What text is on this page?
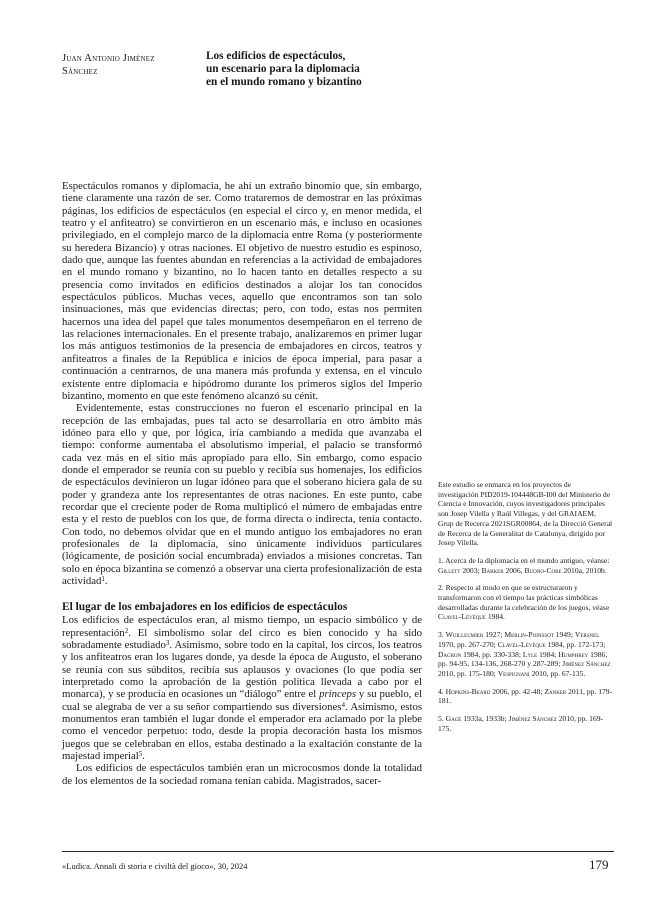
Juan Antonio Jiménez
Sánchez
Los edificios de espectáculos,
un escenario para la diplomacia
en el mundo romano y bizantino

Espectáculos romanos y diplomacia, he ahí un extraño binomio que, sin embargo, tiene claramente una razón de ser. Como trataremos de demostrar en las próximas páginas, los edificios de espectáculos (en especial el circo y, en menor medida, el teatro y el anfiteatro) se convirtieron en un escenario más, e incluso en ocasiones privilegiado, en el complejo marco de la diplomacia entre Roma (y posteriormente su heredera Bizancio) y otras naciones. El objetivo de nuestro estudio es espinoso, dado que, aunque las fuentes abundan en referencias a la actividad de embajadores en el mundo romano y bizantino, no lo hacen tanto en detalles respecto a su presencia como invitados en edificios destinados a alojar los tan conocidos espectáculos públicos. Muchas veces, aquello que encontramos son tan solo insinuaciones, más que evidencias directas; pero, con todo, estas nos permiten hacernos una idea del papel que tales monumentos desempeñaron en el terreno de las relaciones internacionales. En el presente trabajo, analizaremos en primer lugar los más antiguos testimonios de la presencia de embajadores en circos, teatros y anfiteatros a finales de la República e inicios de época imperial, para pasar a continuación a centrarnos, de una manera más profunda y extensa, en el vínculo existente entre diplomacia e hipódromo durante los primeros siglos del Imperio bizantino, momento en que este fenómeno alcanzó su cénit.

Evidentemente, estas construcciones no fueron el escenario principal en la recepción de las embajadas, pues tal acto se desarrollaría en otro ámbito más idóneo para ello y que, por lógica, iría cambiando a medida que avanzaba el tiempo: conforme aumentaba el absolutismo imperial, el palacio se transformó cada vez más en el sitio más apropiado para ello. Sin embargo, como espacio donde el emperador se reunía con su pueblo y recibía sus homenajes, los edificios de espectáculos devinieron un lugar idóneo para que el soberano hiciera gala de su poder y grandeza ante los representantes de otras naciones. En este punto, cabe recordar que el creciente poder de Roma multiplicó el número de embajadas entre esta y el resto de pueblos con los que, de forma directa o indirecta, tenía contacto. Con todo, no debemos olvidar que en el mundo antiguo los embajadores no eran profesionales de la diplomacia, sino únicamente individuos particulares (lógicamente, de posición social encumbrada) enviados a misiones concretas. Tan solo en época bizantina se comenzó a observar una cierta profesionalización de esta actividad$^1$.

El lugar de los embajadores en los edificios de espectáculos

Los edificios de espectáculos eran, al mismo tiempo, un espacio simbólico y de representación$^2$. El simbolismo solar del circo es bien conocido y ha sido sobradamente estudiado$^3$. Asimismo, sobre todo en la capital, los circos, los teatros y los anfiteatros eran los lugares donde, ya desde la época de Augusto, el soberano se reunía con sus súbditos, recibía sus aplausos y ovaciones (lo que podía ser interpretado como la aprobación de la gestión política llevada a cabo por el monarca), y se producía en ocasiones un “diálogo” entre el princeps y su pueblo, el cual se alegraba de ver a su señor compartiendo sus diversiones$^4$. Asimismo, estos monumentos eran también el lugar donde el emperador era aclamado por la plebe como el vencedor perpetuo: todo, desde la propia decoración hasta los mismos juegos que se celebraban en ellos, estaba destinado a la exaltación constante de la majestad imperial$^5$.

Los edificios de espectáculos también eran un microcosmos donde la totalidad de los elementos de la sociedad romana tenían cabida. Magistrados, sacer-

Este estudio se enmarca en los proyectos de investigación PID2019-104448GB-I00 del Ministerio de Ciencia e Innovación, cuyos investigadores principales son Josep Vilella y Raúl Villegas, y del GRAIAEM, Grup de Recerca 2021SGR00864, de la Direcció General de Recerca de la Generalitat de Catalunya, dirigido por Josep Vilella.
1. Acerca de la diplomacia en el mundo antiguo, véanse: Gillett 2003; Barker 2006, Buono-Core 2010a, 2010b.
2. Respecto al modo en que se estructuraron y transformaron con el tiempo las prácticas simbólicas desarrolladas durante la celebración de los juegos, véase Clavel-Lévêque 1984.
3. Wuilleumier 1927; Merlin-Poinssot 1949; Versnel 1970, pp. 267-270; Clavel-Lévêque 1984, pp. 172-173; Dagron 1984, pp. 330-338; Lyle 1984; Humphrey 1986, pp. 94-95, 134-136, 268-270 y 287-289; Jiménez Sánchez 2010, pp. 175-180; Vespignani 2010, pp. 67-135.
4. Hopkins-Beard 2006, pp. 42-48; Zanker 2011, pp. 179-181.
5. Gagé 1933a, 1933b; Jiménez Sánchez 2010, pp. 169-175.
«Ludica. Annali di storia e civiltà del gioco», 30, 2024	179
